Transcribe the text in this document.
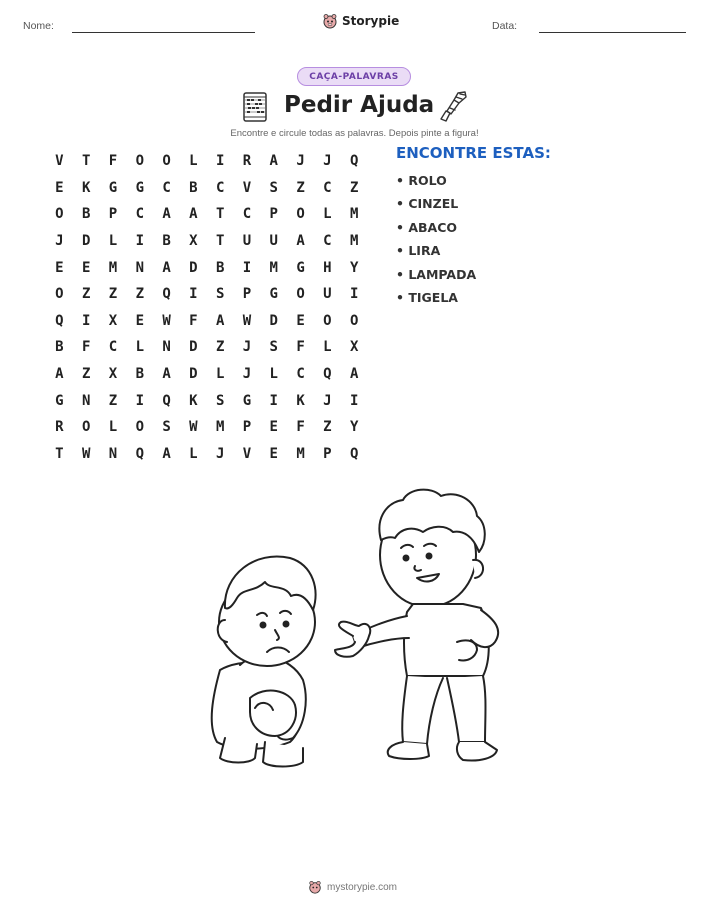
Nome:	Storypie	Data:
CAÇA-PALAVRAS
Pedir Ajuda
Encontre e circule todas as palavras. Depois pinte a figura!
V	T	F	O	O	L	I	R	A	J	J	Q
E	K	G	G	C	B	C	V	S	Z	C	Z
O	B	P	C	A	A	T	C	P	O	L	M
J	D	L	I	B	X	T	U	U	A	C	M
E	E	M	N	A	D	B	I	M	G	H	Y
O	Z	Z	Z	Q	I	S	P	G	O	U	I
Q	I	X	E	W	F	A	W	D	E	O	O
B	F	C	L	N	D	Z	J	S	F	L	X
A	Z	X	B	A	D	L	J	L	C	Q	A
G	N	Z	I	Q	K	S	G	I	K	J	I
R	O	L	O	S	W	M	P	E	F	Z	Y
T	W	N	Q	A	L	J	V	E	M	P	Q
ENCONTRE ESTAS:
• ROLO
• CINZEL
• ABACO
• LIRA
• LAMPADA
• TIGELA
mystorypie.com
